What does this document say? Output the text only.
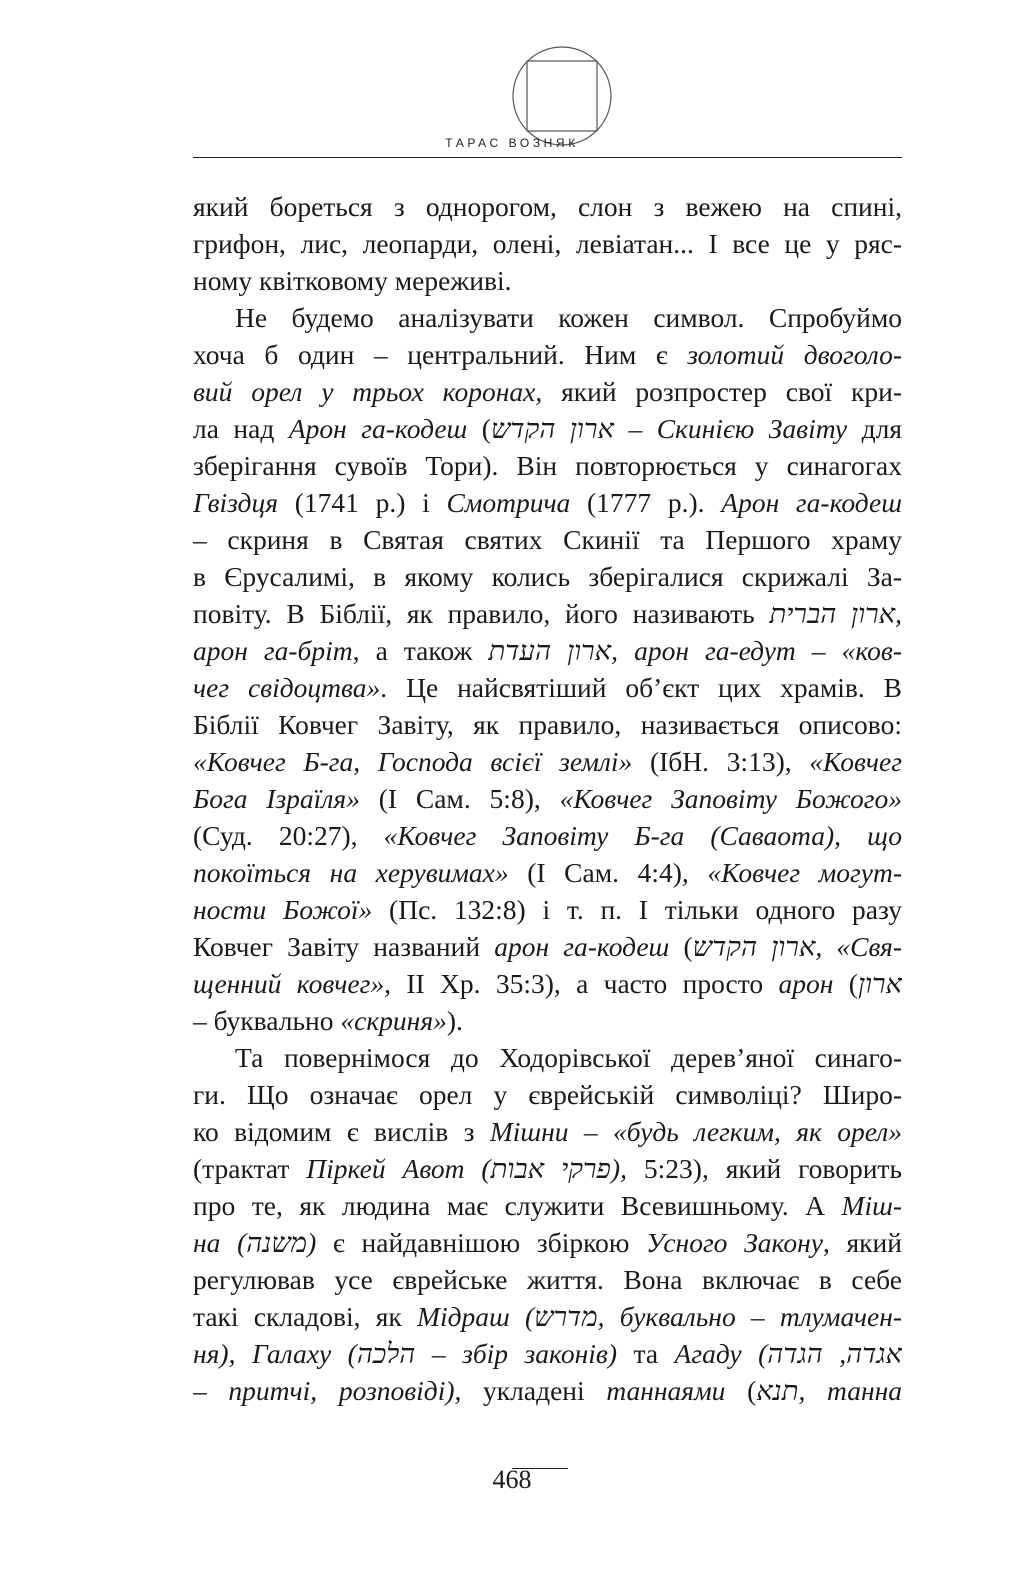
ТАРАС ВОЗНЯК
який бореться з однорогом, слон з вежею на спині,
грифон, лис, леопарди, олені, левіатан... І все це у ряс-
ному квітковому мереживі.
Не будемо аналізувати кожен символ. Спробуймо
хоча б один – центральний. Ним є золотий двоголо-
вий орел у трьох коронах, який розпростер свої кри-
ла над Арон га-кодеш (ארון הקדש – Скинією Завіту для
зберігання сувоїв Тори). Він повторюється у синагогах
Гвіздця (1741 р.) і Смотрича (1777 р.). Арон га-кодеш
– скриня в Святая святих Скинії та Першого храму
в Єрусалимі, в якому колись зберігалися скрижалі За-
повіту. В Біблії, як правило, його називають ארון הברית,
арон га-бріт, а також ארון העדת, арон га-едут – «ков-
чег свідоцтва». Це найсвятіший об’єкт цих храмів. В
Біблії Ковчег Завіту, як правило, називається описово:
«Ковчег Б-га, Господа всієї землі» (ІбН. 3:13), «Ковчег
Бога Ізраїля» (І Сам. 5:8), «Ковчег Заповіту Божого»
(Суд. 20:27), «Ковчег Заповіту Б-га (Саваота), що
покоїться на херувимах» (І Сам. 4:4), «Ковчег могут-
ности Божої» (Пс. 132:8) і т. п. І тільки одного разу
Ковчег Завіту названий арон га-кодеш (ארון הקדש, «Свя-
щенний ковчег», II Хр. 35:3), а часто просто арон (ארון
– буквально «скриня»).
Та повернімося до Ходорівської дерев’яної синаго-
ги. Що означає орел у єврейській символіці? Широ-
ко відомим є вислів з Мішни – «будь легким, як орел»
(трактат Піркей Авот (פרקי אבות), 5:23), який говорить
про те, як людина має служити Всевишньому. А Міш-
на (משנה) є найдавнішою збіркою Усного Закону, який
регулював усе єврейське життя. Вона включає в себе
такі складові, як Мідраш (מדרש, буквально – тлумачен-
ня), Галаху (הלכה – збір законів) та Агаду (אגדה, הגדה
– притчі, розповіді), укладені таннаями (תנא, танна
468
